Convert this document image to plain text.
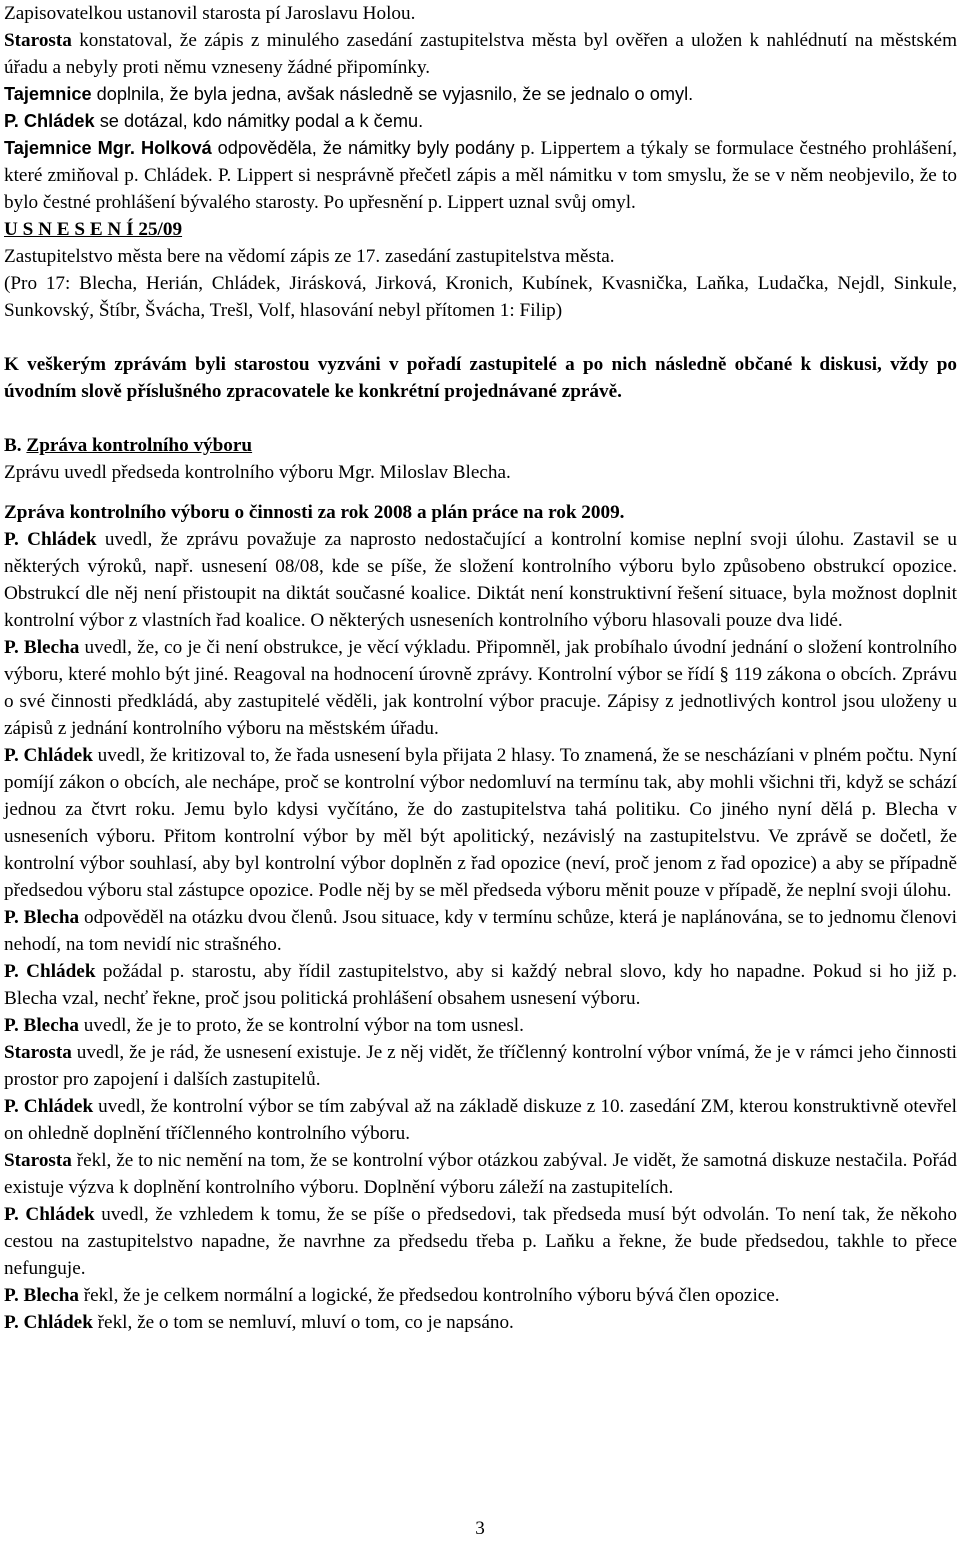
Zapisovatelkou ustanovil starosta pí Jaroslavu Holou.

Starosta konstatoval, že zápis z minulého zasedání zastupitelstva města byl ověřen a uložen k nahlédnutí na městském úřadu a nebyly proti němu vzneseny žádné připomínky.

Tajemnice doplnila, že byla jedna, avšak následně se vyjasnilo, že se jednalo o omyl.

P. Chládek se dotázal, kdo námitky podal a k čemu.

Tajemnice Mgr. Holková odpověděla, že námitky byly podány p. Lippertem a týkaly se formulace čestného prohlášení, které zmiňoval p. Chládek. P. Lippert si nesprávně přečetl zápis a měl námitku v tom smyslu, že se v něm neobjevilo, že to bylo čestné prohlášení bývalého starosty. Po upřesnění p. Lippert uznal svůj omyl.

U S N E S E N Í 25/09

Zastupitelstvo města bere na vědomí zápis ze 17. zasedání zastupitelstva města.

(Pro 17: Blecha, Herián, Chládek, Jirásková, Jirková, Kronich, Kubínek, Kvasnička, Laňka, Ludačka, Nejdl, Sinkule, Sunkovský, Štíbr, Švácha, Trešl, Volf, hlasování nebyl přítomen 1: Filip)

K veškerým zprávám byli starostou vyzváni v pořadí zastupitelé a po nich následně občané k diskusi, vždy po úvodním slově příslušného zpracovatele ke konkrétní projednávané zprávě.

B. Zpráva kontrolního výboru

Zprávu uvedl předseda kontrolního výboru Mgr. Miloslav Blecha.

Zpráva kontrolního výboru o činnosti za rok 2008 a plán práce na rok 2009.

P. Chládek uvedl, že zprávu považuje za naprosto nedostačující a kontrolní komise neplní svoji úlohu. Zastavil se u některých výroků, např. usnesení 08/08, kde se píše, že složení kontrolního výboru bylo způsobeno obstrukcí opozice. Obstrukcí dle něj není přistoupit na diktát současné koalice. Diktát není konstruktivní řešení situace, byla možnost doplnit kontrolní výbor z vlastních řad koalice. O některých usneseních kontrolního výboru hlasovali pouze dva lidé.

P. Blecha uvedl, že, co je či není obstrukce, je věcí výkladu. Připomněl, jak probíhalo úvodní jednání o složení kontrolního výboru, které mohlo být jiné. Reagoval na hodnocení úrovně zprávy. Kontrolní výbor se řídí § 119 zákona o obcích. Zprávu o své činnosti předkládá, aby zastupitelé věděli, jak kontrolní výbor pracuje. Zápisy z jednotlivých kontrol jsou uloženy u zápisů z jednání kontrolního výboru na městském úřadu.

P. Chládek uvedl, že kritizoval to, že řada usnesení byla přijata 2 hlasy. To znamená, že se nescházíani v plném počtu. Nyní pomíjí zákon o obcích, ale nechápe, proč se kontrolní výbor nedomluví na termínu tak, aby mohli všichni tři, když se schází jednou za čtvrt roku. Jemu bylo kdysi vyčítáno, že do zastupitelstva tahá politiku. Co jiného nyní dělá p. Blecha v usneseních výboru. Přitom kontrolní výbor by měl být apolitický, nezávislý na zastupitelstvu. Ve zprávě se dočetl, že kontrolní výbor souhlasí, aby byl kontrolní výbor doplněn z řad opozice (neví, proč jenom z řad opozice) a aby se případně předsedou výboru stal zástupce opozice. Podle něj by se měl předseda výboru měnit pouze v případě, že neplní svoji úlohu.

P. Blecha odpověděl na otázku dvou členů. Jsou situace, kdy v termínu schůze, která je naplánována, se to jednomu členovi nehodí, na tom nevidí nic strašného.

P. Chládek požádal p. starostu, aby řídil zastupitelstvo, aby si každý nebral slovo, kdy ho napadne. Pokud si ho již p. Blecha vzal, nechť řekne, proč jsou politická prohlášení obsahem usnesení výboru.

P. Blecha uvedl, že je to proto, že se kontrolní výbor na tom usnesl.

Starosta uvedl, že je rád, že usnesení existuje. Je z něj vidět, že tříčlenný kontrolní výbor vnímá, že je v rámci jeho činnosti prostor pro zapojení i dalších zastupitelů.

P. Chládek uvedl, že kontrolní výbor se tím zabýval až na základě diskuze z 10. zasedání ZM, kterou konstruktivně otevřel on ohledně doplnění tříčlenného kontrolního výboru.

Starosta řekl, že to nic nemění na tom, že se kontrolní výbor otázkou zabýval. Je vidět, že samotná diskuze nestačila. Pořád existuje výzva k doplnění kontrolního výboru. Doplnění výboru záleží na zastupitelích.

P. Chládek uvedl, že vzhledem k tomu, že se píše o předsedovi, tak předseda musí být odvolán. To není tak, že někoho cestou na zastupitelstvo napadne, že navrhne za předsedu třeba p. Laňku a řekne, že bude předsedou, takhle to přece nefunguje.

P. Blecha řekl, že je celkem normální a logické, že předsedou kontrolního výboru bývá člen opozice.

P. Chládek řekl, že o tom se nemluví, mluví o tom, co je napsáno.

3
